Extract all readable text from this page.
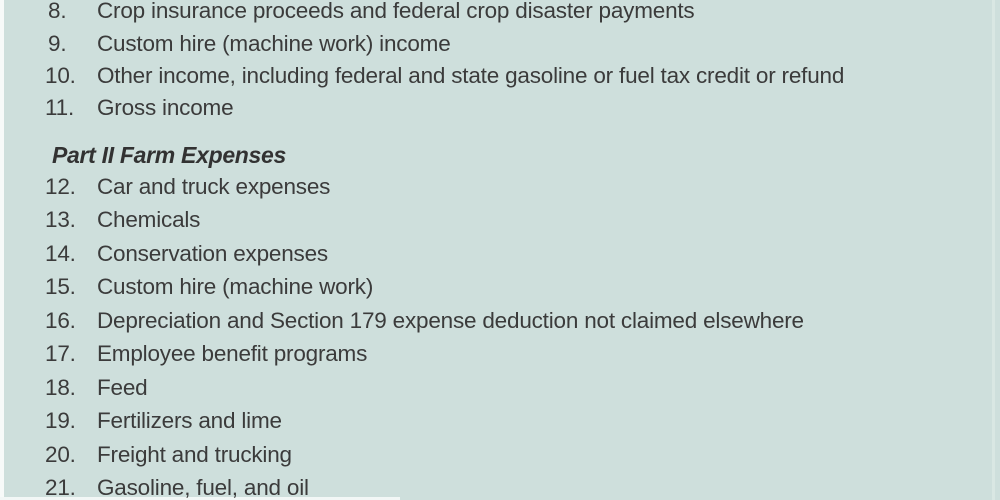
8.	Crop insurance proceeds and federal crop disaster payments
9.	Custom hire (machine work) income
10. Other income, including federal and state gasoline or fuel tax credit or refund
11.	Gross income
Part II Farm Expenses
12. Car and truck expenses
13. Chemicals
14. Conservation expenses
15. Custom hire (machine work)
16. Depreciation and Section 179 expense deduction not claimed elsewhere
17. Employee benefit programs
18. Feed
19. Fertilizers and lime
20. Freight and trucking
21. Gasoline, fuel, and oil
